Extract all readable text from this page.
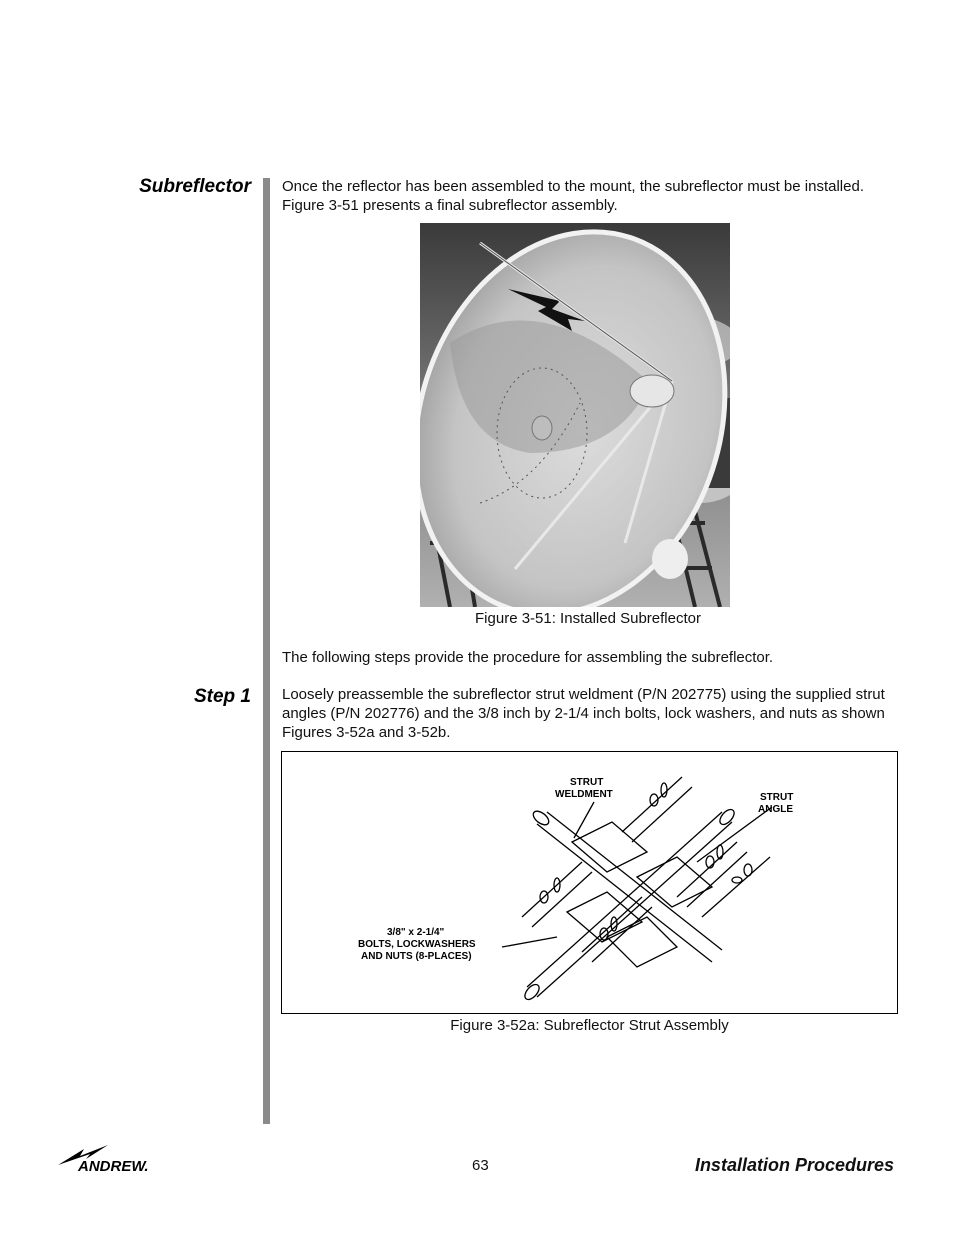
Subreflector
Step 1
Once the reflector has been assembled to the mount, the subreflector must be installed. Figure 3-51 presents a final subreflector assembly.
Figure 3-51: Installed Subreflector
The following steps provide the procedure for assembling the subreflector.
Loosely preassemble the subreflector strut weldment (P/N 202775) using the supplied strut angles (P/N 202776) and the 3/8 inch by 2-1/4 inch bolts, lock washers, and nuts as shown Figures 3-52a and 3-52b.
STRUT
WELDMENT	STRUT
ANGLE
3/8" x 2-1/4"
BOLTS, LOCKWASHERS
AND NUTS (8-PLACES)
Figure 3-52a: Subreflector Strut Assembly
ANDREW.	63	Installation Procedures
